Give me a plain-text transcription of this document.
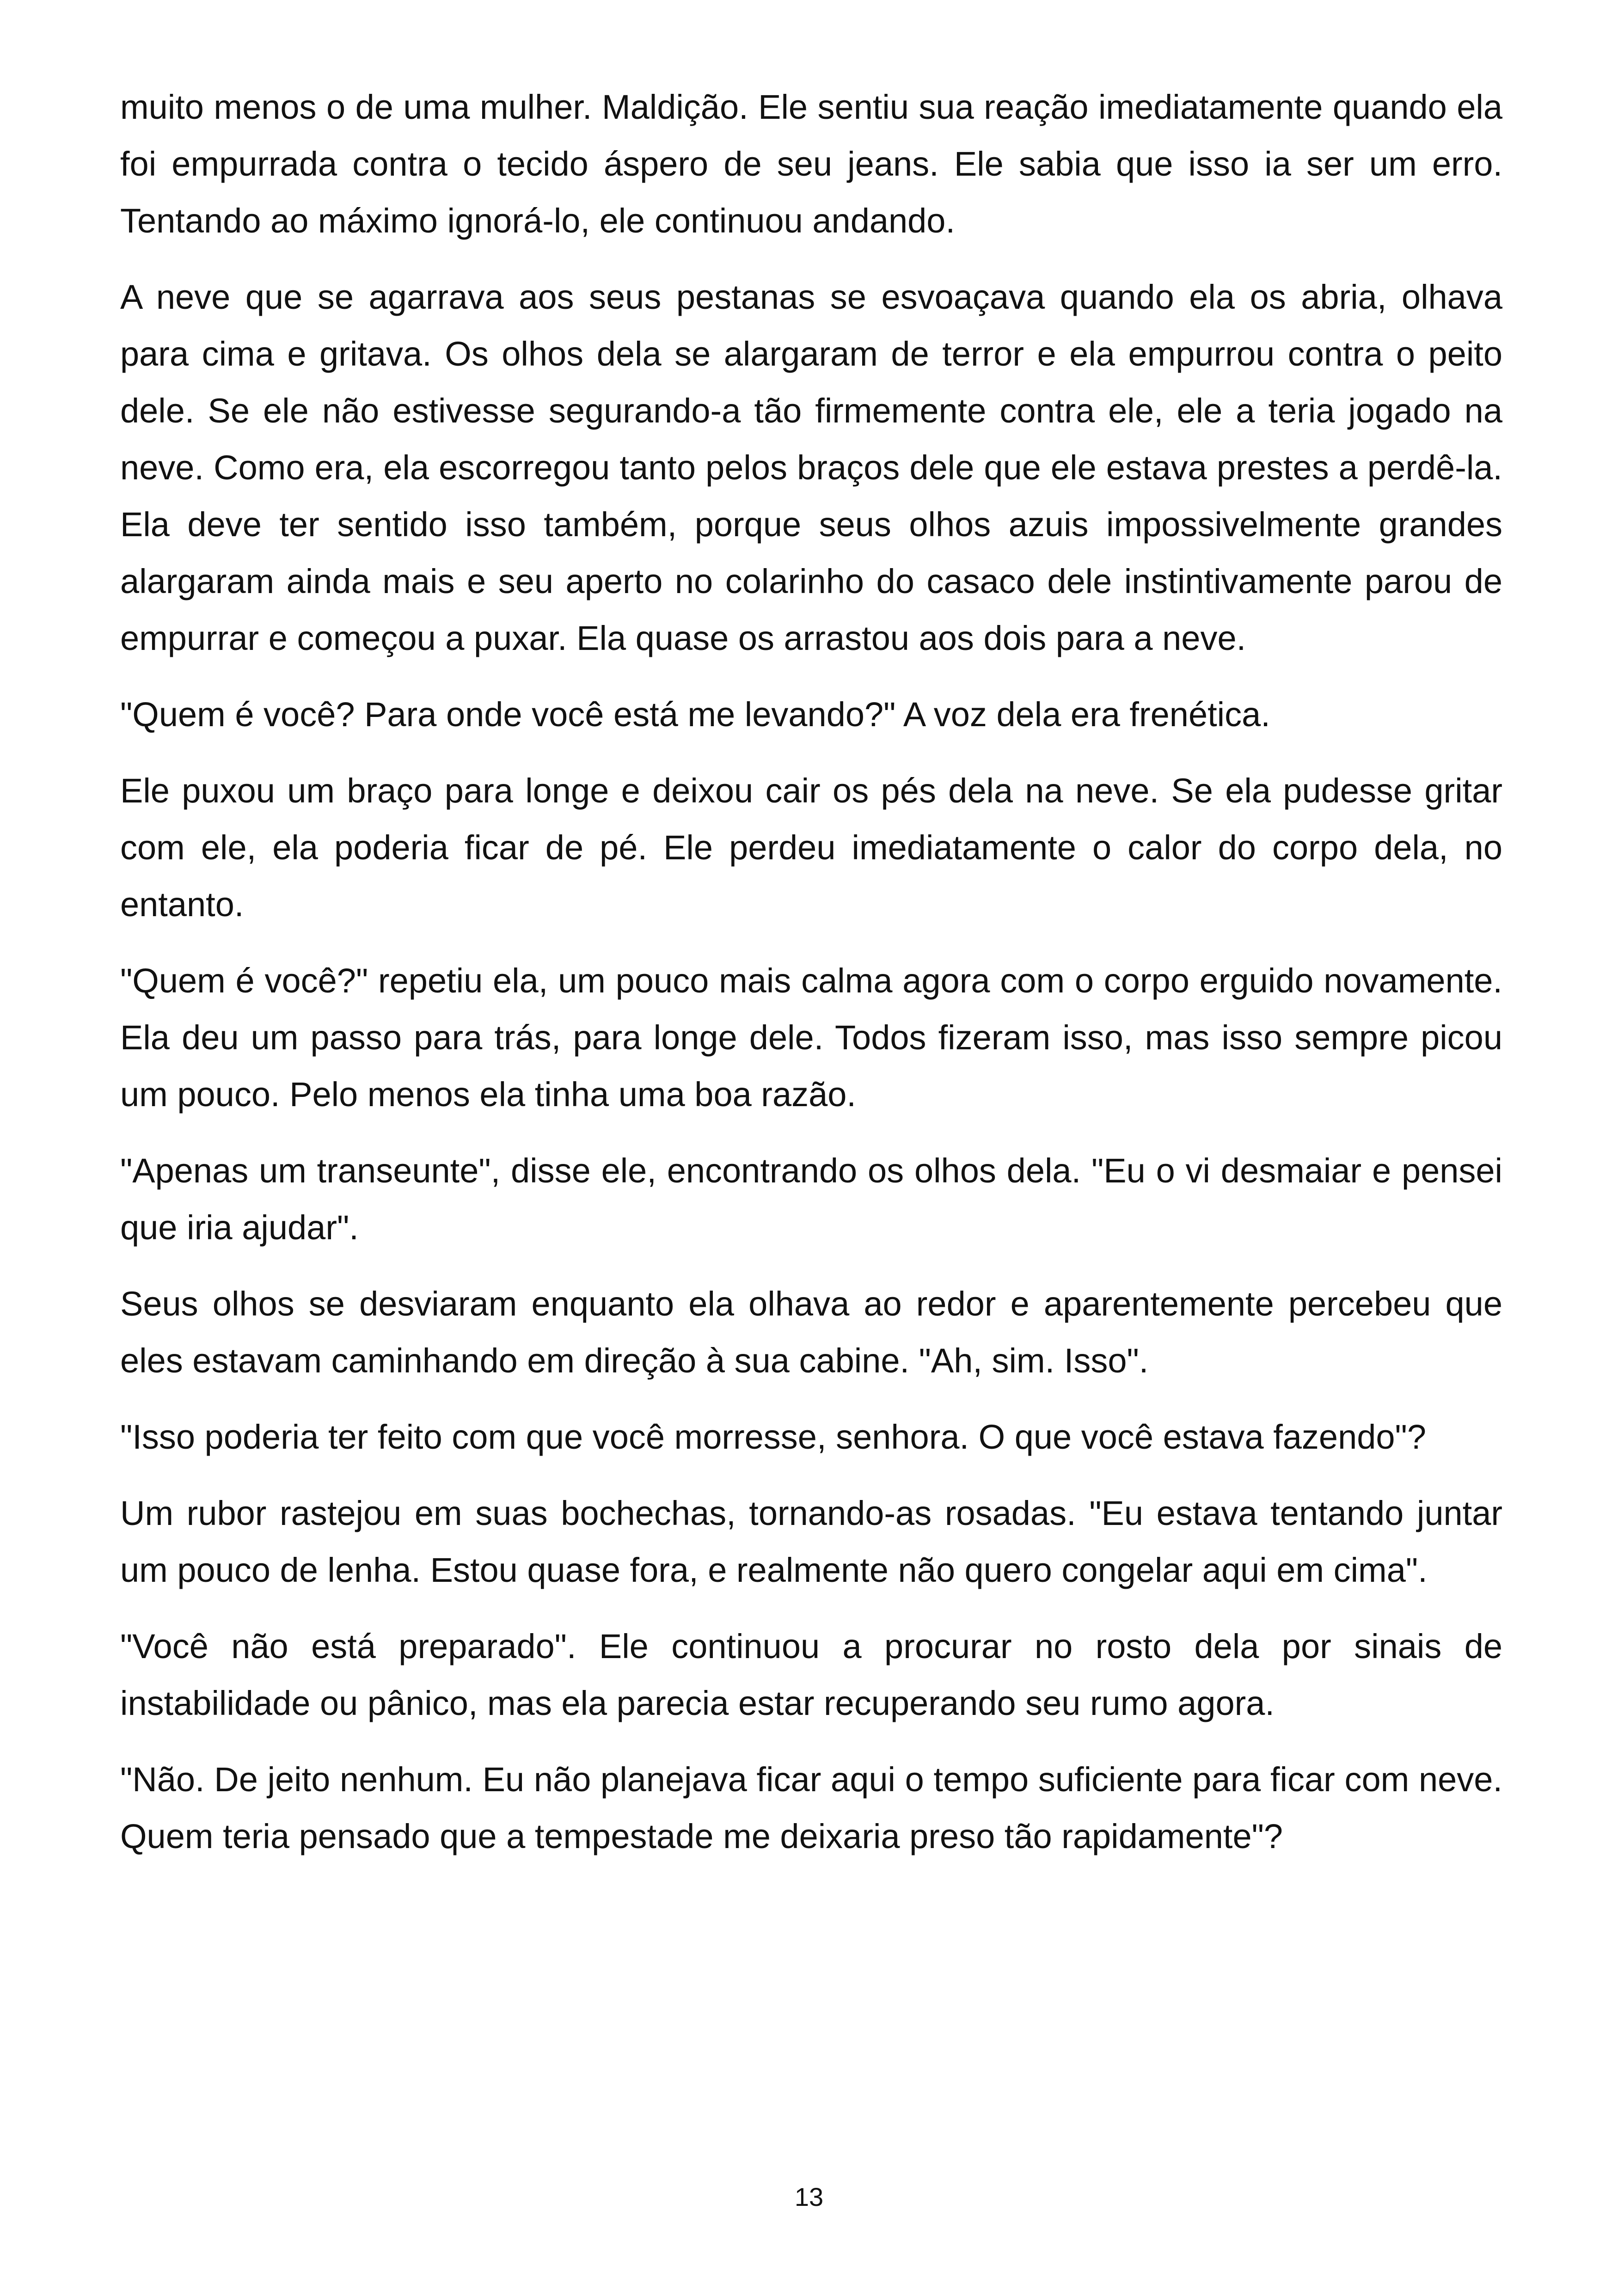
muito menos o de uma mulher. Maldição. Ele sentiu sua reação imediatamente quando ela foi empurrada contra o tecido áspero de seu jeans. Ele sabia que isso ia ser um erro. Tentando ao máximo ignorá-lo, ele continuou andando.

A neve que se agarrava aos seus pestanas se esvoaçava quando ela os abria, olhava para cima e gritava. Os olhos dela se alargaram de terror e ela empurrou contra o peito dele. Se ele não estivesse segurando-a tão firmemente contra ele, ele a teria jogado na neve. Como era, ela escorregou tanto pelos braços dele que ele estava prestes a perdê-la. Ela deve ter sentido isso também, porque seus olhos azuis impossivelmente grandes alargaram ainda mais e seu aperto no colarinho do casaco dele instintivamente parou de empurrar e começou a puxar. Ela quase os arrastou aos dois para a neve.

"Quem é você? Para onde você está me levando?" A voz dela era frenética.

Ele puxou um braço para longe e deixou cair os pés dela na neve. Se ela pudesse gritar com ele, ela poderia ficar de pé. Ele perdeu imediatamente o calor do corpo dela, no entanto.

"Quem é você?" repetiu ela, um pouco mais calma agora com o corpo erguido novamente. Ela deu um passo para trás, para longe dele. Todos fizeram isso, mas isso sempre picou um pouco. Pelo menos ela tinha uma boa razão.

"Apenas um transeunte", disse ele, encontrando os olhos dela. "Eu o vi desmaiar e pensei que iria ajudar".

Seus olhos se desviaram enquanto ela olhava ao redor e aparentemente percebeu que eles estavam caminhando em direção à sua cabine. "Ah, sim. Isso".

"Isso poderia ter feito com que você morresse, senhora. O que você estava fazendo"?

Um rubor rastejou em suas bochechas, tornando-as rosadas. "Eu estava tentando juntar um pouco de lenha. Estou quase fora, e realmente não quero congelar aqui em cima".

"Você não está preparado". Ele continuou a procurar no rosto dela por sinais de instabilidade ou pânico, mas ela parecia estar recuperando seu rumo agora.

"Não. De jeito nenhum. Eu não planejava ficar aqui o tempo suficiente para ficar com neve. Quem teria pensado que a tempestade me deixaria preso tão rapidamente"?

13
